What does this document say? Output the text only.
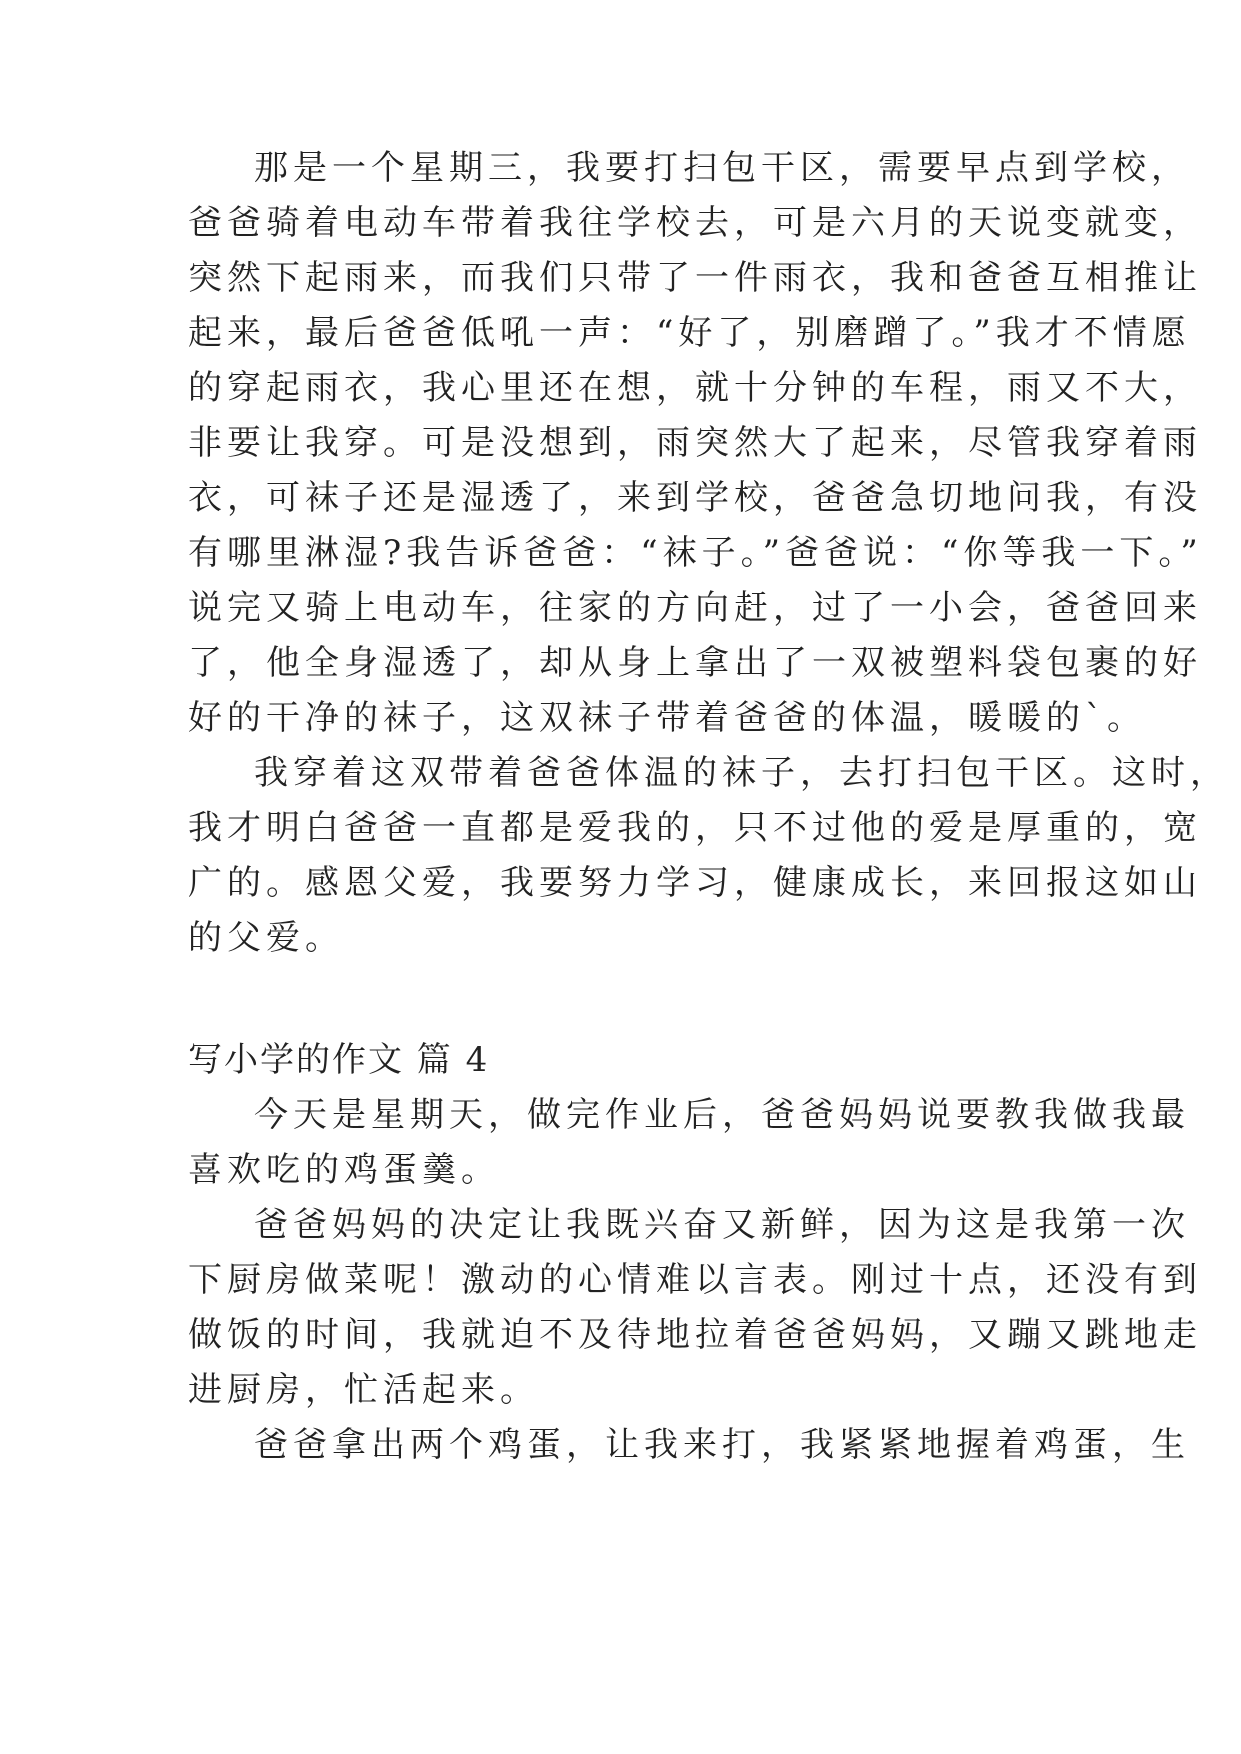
那是一个星期三，我要打扫包干区，需要早点到学校，
爸爸骑着电动车带着我往学校去，可是六月的天说变就变，
突然下起雨来，而我们只带了一件雨衣，我和爸爸互相推让
起来，最后爸爸低吼一声：“好了，别磨蹭了。”我才不情愿
的穿起雨衣，我心里还在想，就十分钟的车程，雨又不大，
非要让我穿。可是没想到，雨突然大了起来，尽管我穿着雨
衣，可袜子还是湿透了，来到学校，爸爸急切地问我，有没
有哪里淋湿?我告诉爸爸：“袜子。”爸爸说：“你等我一下。”
说完又骑上电动车，往家的方向赶，过了一小会，爸爸回来
了，他全身湿透了，却从身上拿出了一双被塑料袋包裹的好
好的干净的袜子，这双袜子带着爸爸的体温，暖暖的`。
我穿着这双带着爸爸体温的袜子，去打扫包干区。这时，
我才明白爸爸一直都是爱我的，只不过他的爱是厚重的，宽
广的。感恩父爱，我要努力学习，健康成长，来回报这如山
的父爱。
写小学的作文 篇 4
今天是星期天，做完作业后，爸爸妈妈说要教我做我最
喜欢吃的鸡蛋羹。
爸爸妈妈的决定让我既兴奋又新鲜，因为这是我第一次
下厨房做菜呢！激动的心情难以言表。刚过十点，还没有到
做饭的时间，我就迫不及待地拉着爸爸妈妈，又蹦又跳地走
进厨房，忙活起来。
爸爸拿出两个鸡蛋，让我来打，我紧紧地握着鸡蛋，生
